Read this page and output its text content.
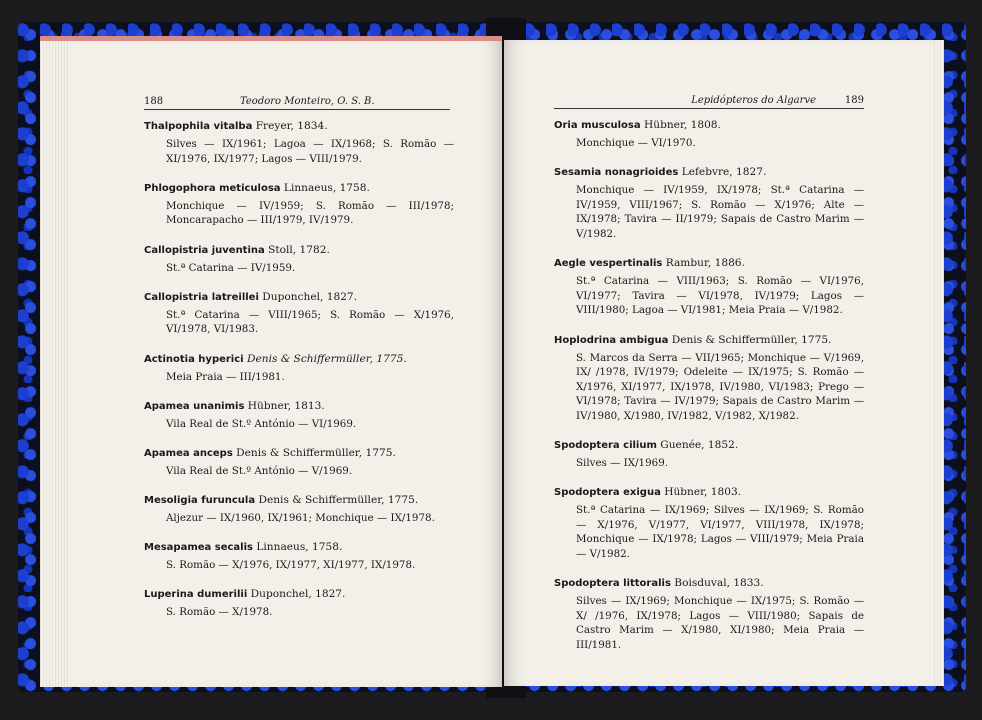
188	Teodoro Monteiro, O. S. B.
Thalpophila vitalba Freyer, 1834.
Silves — IX/1961; Lagoa — IX/1968; S. Romão — XI/1976, IX/1977; Lagos — VIII/1979.
Phlogophora meticulosa Linnaeus, 1758.
Monchique — IV/1959; S. Romão — III/1978; Moncarapacho — III/1979, IV/1979.
Callopistria juventina Stoll, 1782.
St.ª Catarina — IV/1959.
Callopistria latreillei Duponchel, 1827.
St.ª Catarina — VIII/1965; S. Romão — X/1976, VI/1978, VI/1983.
Actinotia hyperici Denis & Schiffermüller, 1775.
Meia Praia — III/1981.
Apamea unanimis Hübner, 1813.
Vila Real de St.º António — VI/1969.
Apamea anceps Denis & Schiffermüller, 1775.
Vila Real de St.º António — V/1969.
Mesoligia furuncula Denis & Schiffermüller, 1775.
Aljezur — IX/1960, IX/1961; Monchique — IX/1978.
Mesapamea secalis Linnaeus, 1758.
S. Romão — X/1976, IX/1977, XI/1977, IX/1978.
Luperina dumerilii Duponchel, 1827.
S. Romão — X/1978.
Lepidópteros do Algarve	189
Oria musculosa Hübner, 1808.
Monchique — VI/1970.
Sesamia nonagrioides Lefebvre, 1827.
Monchique — IV/1959, IX/1978; St.ª Catarina — IV/1959, VIII/1967; S. Romão — X/1976; Alte — IX/1978; Tavira — II/1979; Sapais de Castro Marim — V/1982.
Aegle vespertinalis Rambur, 1886.
St.ª Catarina — VIII/1963; S. Romão — VI/1976, VI/1977; Tavira — VI/1978, IV/1979; Lagos — VIII/1980; Lagoa — VI/1981; Meia Praia — V/1982.
Hoplodrina ambigua Denis & Schiffermüller, 1775.
S. Marcos da Serra — VII/1965; Monchique — V/1969, IX/ /1978, IV/1979; Odeleite — IX/1975; S. Romão — X/1976, XI/1977, IX/1978, IV/1980, VI/1983; Prego — VI/1978; Tavira — IV/1979; Sapais de Castro Marim — IV/1980, X/1980, IV/1982, V/1982, X/1982.
Spodoptera cilium Guenée, 1852.
Silves — IX/1969.
Spodoptera exigua Hübner, 1803.
St.ª Catarina — IX/1969; Silves — IX/1969; S. Romão — X/1976, V/1977, VI/1977, VIII/1978, IX/1978; Monchique — IX/1978; Lagos — VIII/1979; Meia Praia — V/1982.
Spodoptera littoralis Boisduval, 1833.
Silves — IX/1969; Monchique — IX/1975; S. Romão — X/ /1976, IX/1978; Lagos — VIII/1980; Sapais de Castro Marim — X/1980, XI/1980; Meia Praia — III/1981.
